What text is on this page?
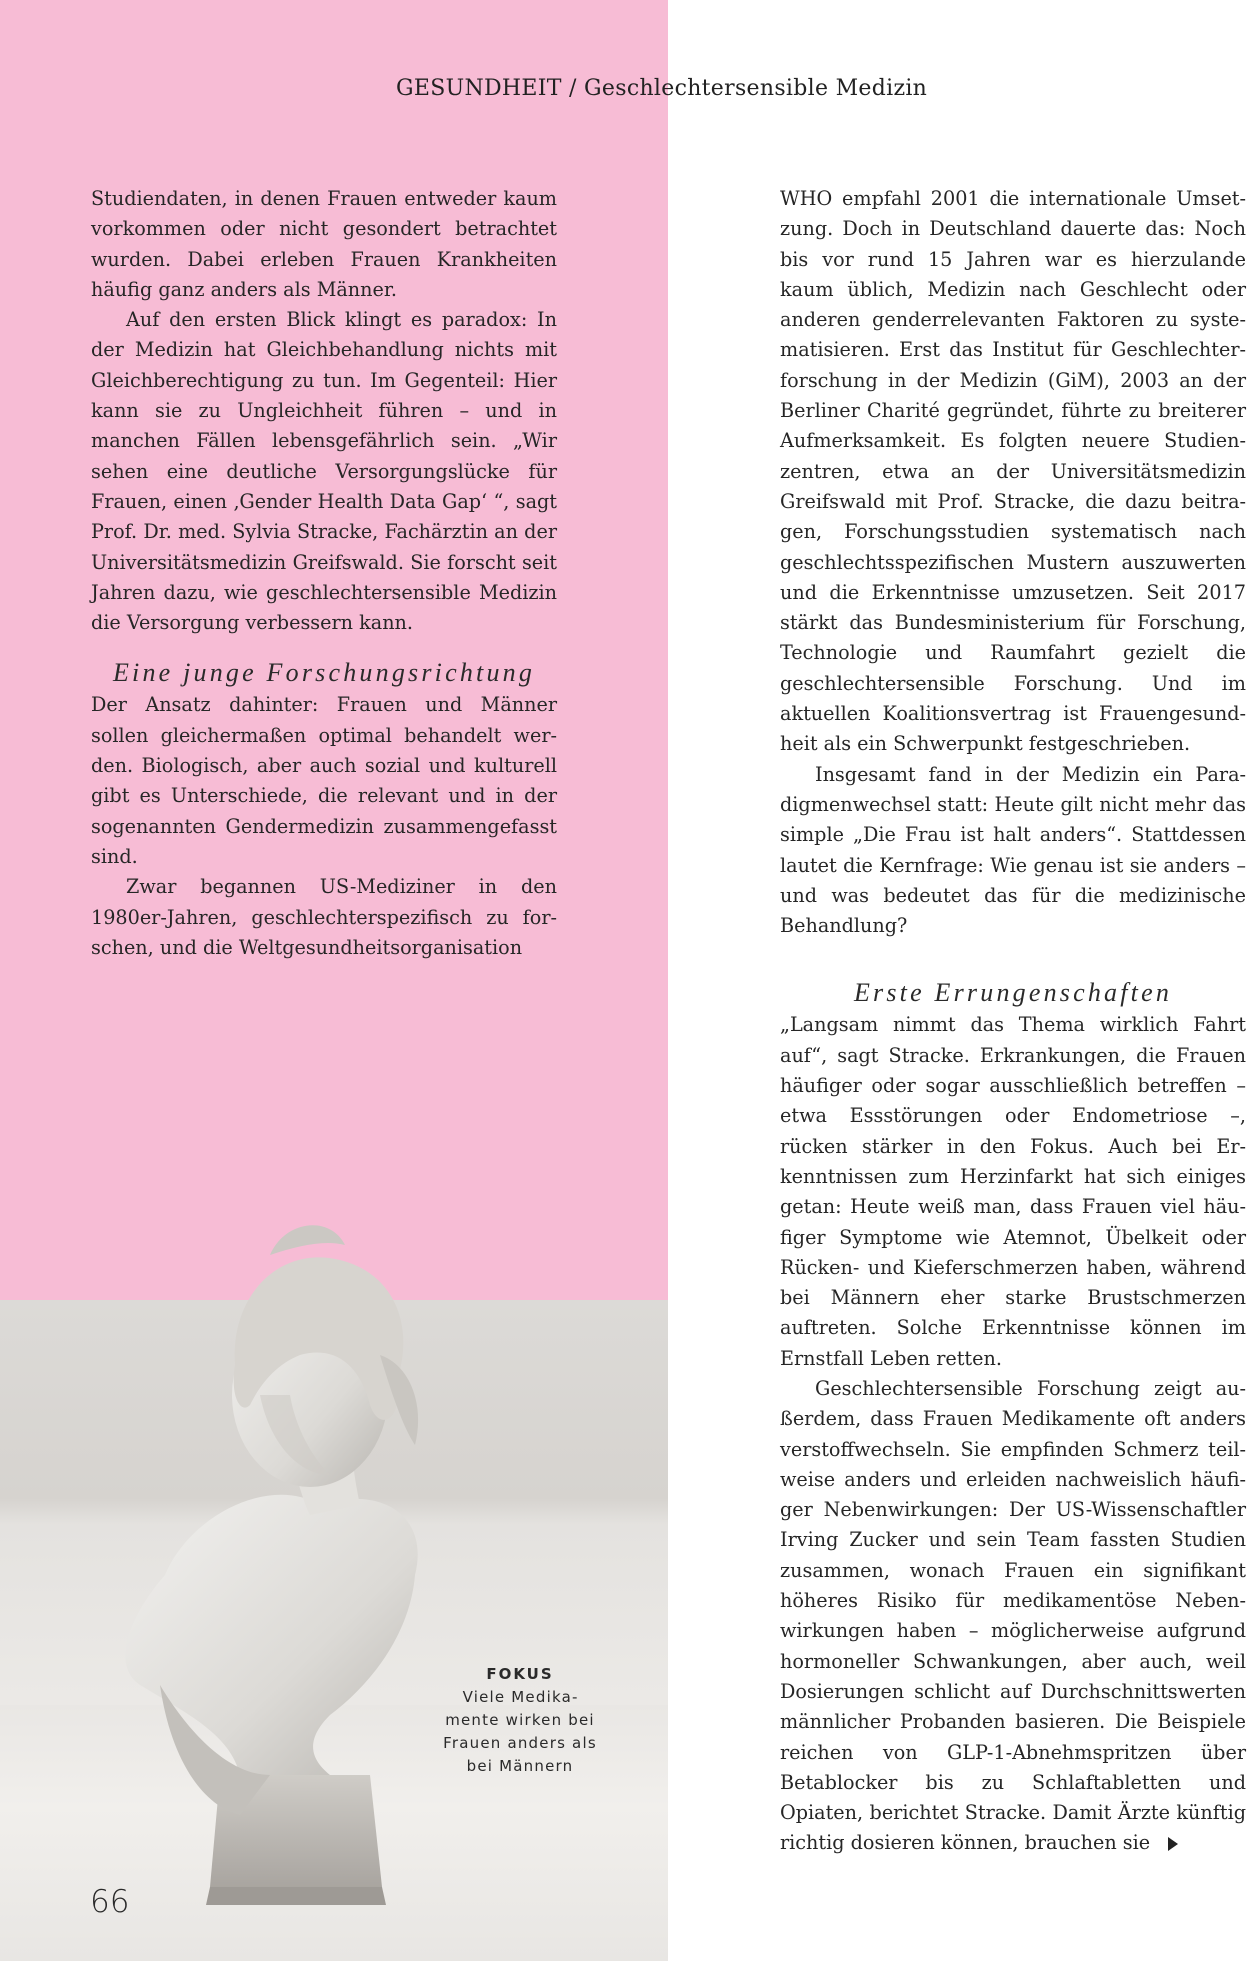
GESUNDHEIT / Geschlechtersensible Medizin

Studiendaten, in denen Frauen entweder kaum vorkommen oder nicht gesondert betrachtet wurden. Dabei erleben Frauen Krankheiten häufig ganz anders als Männer.

Auf den ersten Blick klingt es paradox: In der Medizin hat Gleichbehandlung nichts mit Gleichberechtigung zu tun. Im Gegenteil: Hier kann sie zu Ungleichheit führen – und in manchen Fällen lebensgefährlich sein. „Wir sehen eine deutliche Versorgungslücke für Frauen, einen ‚Gender Health Data Gap‘ “, sagt Prof. Dr. med. Sylvia Stracke, Fachärztin an der Universitätsmedizin Greifswald. Sie forscht seit Jahren dazu, wie geschlechtersensible Medizin die Versorgung verbessern kann.

Eine junge Forschungsrichtung

Der Ansatz dahinter: Frauen und Männer sollen gleichermaßen optimal behandelt werden. Biologisch, aber auch sozial und kulturell gibt es Unterschiede, die relevant und in der sogenannten Gendermedizin zusammengefasst sind.

Zwar begannen US-Mediziner in den 1980er-Jahren, geschlechterspezifisch zu forschen, und die Weltgesundheitsorganisation

WHO empfahl 2001 die internationale Umsetzung. Doch in Deutschland dauerte das: Noch bis vor rund 15 Jahren war es hierzulande kaum üblich, Medizin nach Geschlecht oder anderen genderrelevanten Faktoren zu systematisieren. Erst das Institut für Geschlechterforschung in der Medizin (GiM), 2003 an der Berliner Charité gegründet, führte zu breiterer Aufmerksamkeit. Es folgten neuere Studienzentren, etwa an der Universitätsmedizin Greifswald mit Prof. Stracke, die dazu beitragen, Forschungsstudien systematisch nach geschlechtsspezifischen Mustern auszuwerten und die Erkenntnisse umzusetzen. Seit 2017 stärkt das Bundesministerium für Forschung, Technologie und Raumfahrt gezielt die geschlechtersensible Forschung. Und im aktuellen Koalitionsvertrag ist Frauengesundheit als ein Schwerpunkt festgeschrieben.

Insgesamt fand in der Medizin ein Paradigmenwechsel statt: Heute gilt nicht mehr das simple „Die Frau ist halt anders“. Stattdessen lautet die Kernfrage: Wie genau ist sie anders – und was bedeutet das für die medizinische Behandlung?

Erste Errungenschaften

„Langsam nimmt das Thema wirklich Fahrt auf“, sagt Stracke. Erkrankungen, die Frauen häufiger oder sogar ausschließlich betreffen – etwa Essstörungen oder Endometriose –, rücken stärker in den Fokus. Auch bei Erkenntnissen zum Herzinfarkt hat sich einiges getan: Heute weiß man, dass Frauen viel häufiger Symptome wie Atemnot, Übelkeit oder Rücken- und Kieferschmerzen haben, während bei Männern eher starke Brustschmerzen auftreten. Solche Erkenntnisse können im Ernstfall Leben retten.

Geschlechtersensible Forschung zeigt außerdem, dass Frauen Medikamente oft anders verstoffwechseln. Sie empfinden Schmerz teilweise anders und erleiden nachweislich häufiger Nebenwirkungen: Der US-Wissenschaftler Irving Zucker und sein Team fassten Studien zusammen, wonach Frauen ein signifikant höheres Risiko für medikamentöse Nebenwirkungen haben – möglicherweise aufgrund hormoneller Schwankungen, aber auch, weil Dosierungen schlicht auf Durchschnittswerten männlicher Probanden basieren. Die Beispiele reichen von GLP-1-Abnehmspritzen über Betablocker bis zu Schlaftabletten und Opiaten, berichtet Stracke. Damit Ärzte künftig richtig dosieren können, brauchen sie

FOKUS
Viele Medikamente wirken bei Frauen anders als bei Männern
66
